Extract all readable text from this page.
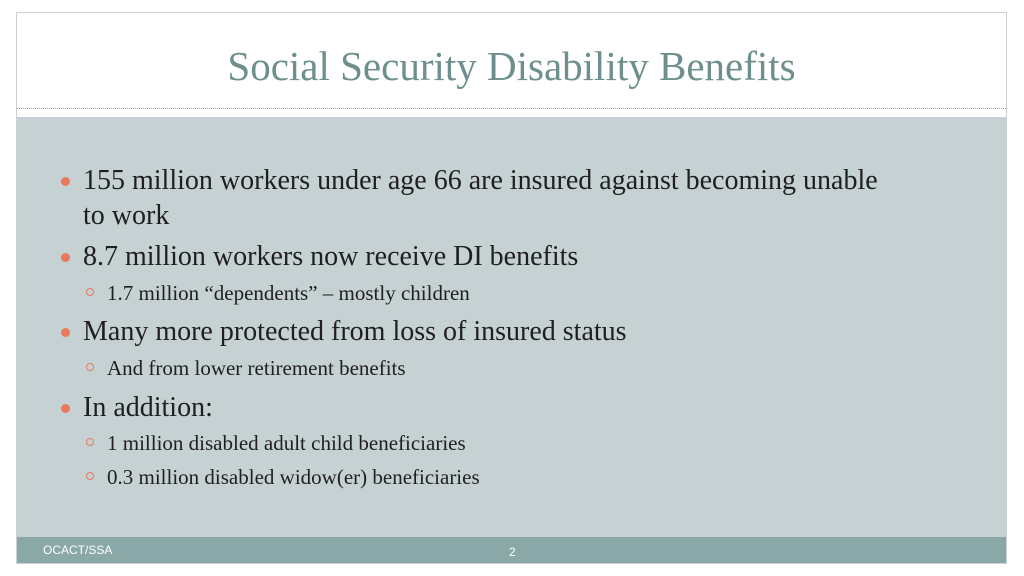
Social Security Disability Benefits
155 million workers under age 66 are insured against becoming unable to work
8.7 million workers now receive DI benefits
1.7 million “dependents” – mostly children
Many more protected from loss of insured status
And from lower retirement benefits
In addition:
1 million disabled adult child beneficiaries
0.3 million disabled widow(er) beneficiaries
OCACT/SSA	2
